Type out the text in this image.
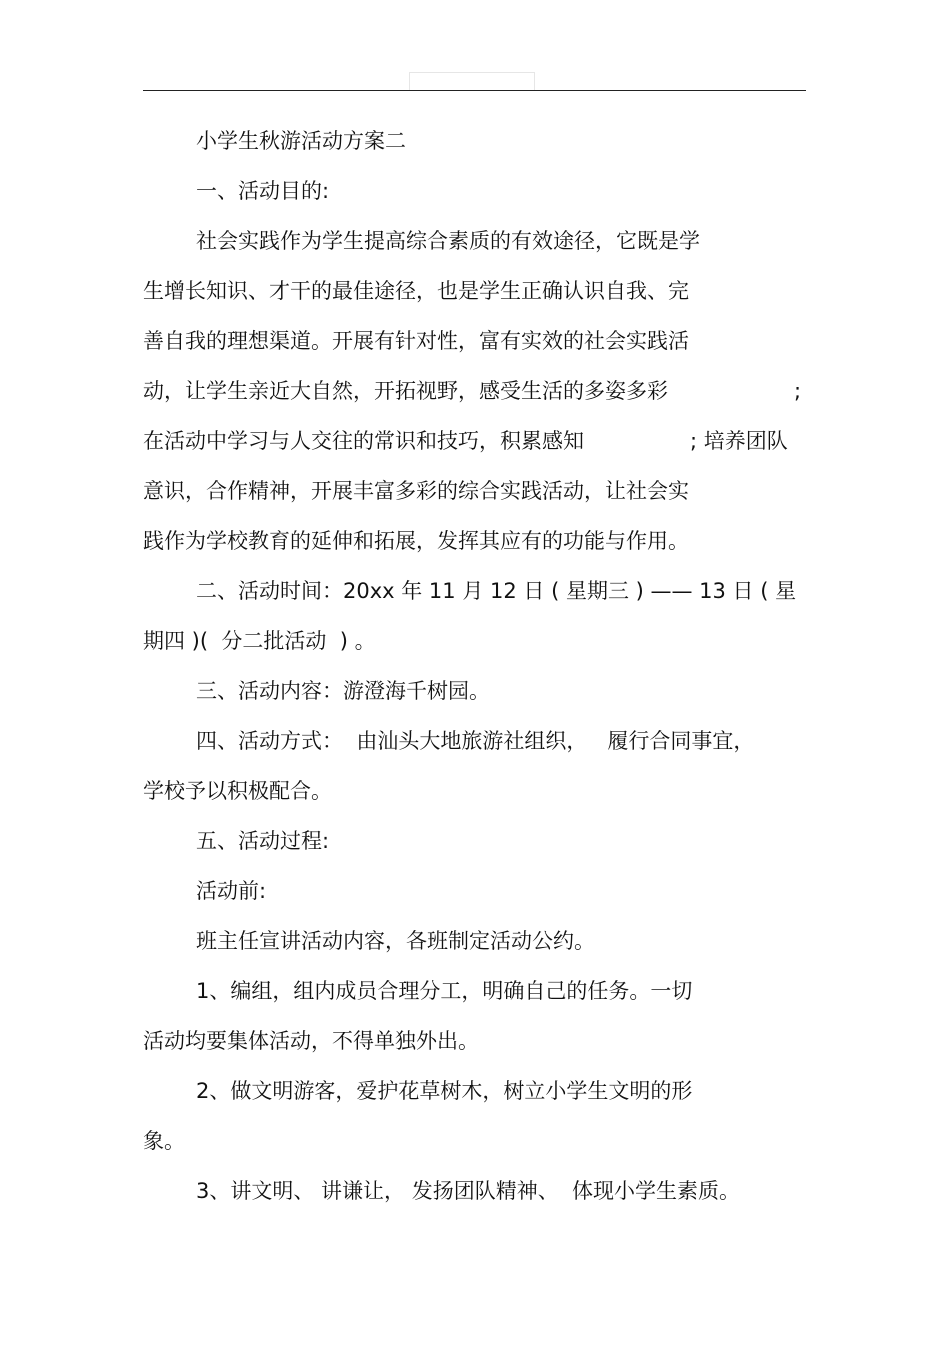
小学生秋游活动方案二

一、活动目的:

社会实践作为学生提高综合素质的有效途径，它既是学

生增长知识、才干的最佳途径，也是学生正确认识自我、完

善自我的理想渠道。开展有针对性，富有实效的社会实践活

动，让学生亲近大自然，开拓视野，感受生活的多姿多彩	;

在活动中学习与人交往的常识和技巧，积累感知	; 培养团队

意识，合作精神，开展丰富多彩的综合实践活动，让社会实

践作为学校教育的延伸和拓展，发挥其应有的功能与作用。

二、活动时间：20xx 年 11 月 12 日 ( 星期三 ) —— 13 日 ( 星

期四 )(  分二批活动  ) 。

三、活动内容：游澄海千树园。

四、活动方式：  由汕头大地旅游社组织，   履行合同事宜，

学校予以积极配合。

五、活动过程:

活动前:

班主任宣讲活动内容，各班制定活动公约。

1、编组，组内成员合理分工，明确自己的任务。一切

活动均要集体活动，不得单独外出。

2、做文明游客，爱护花草树木，树立小学生文明的形

象。

3、讲文明、 讲谦让， 发扬团队精神、  体现小学生素质。
